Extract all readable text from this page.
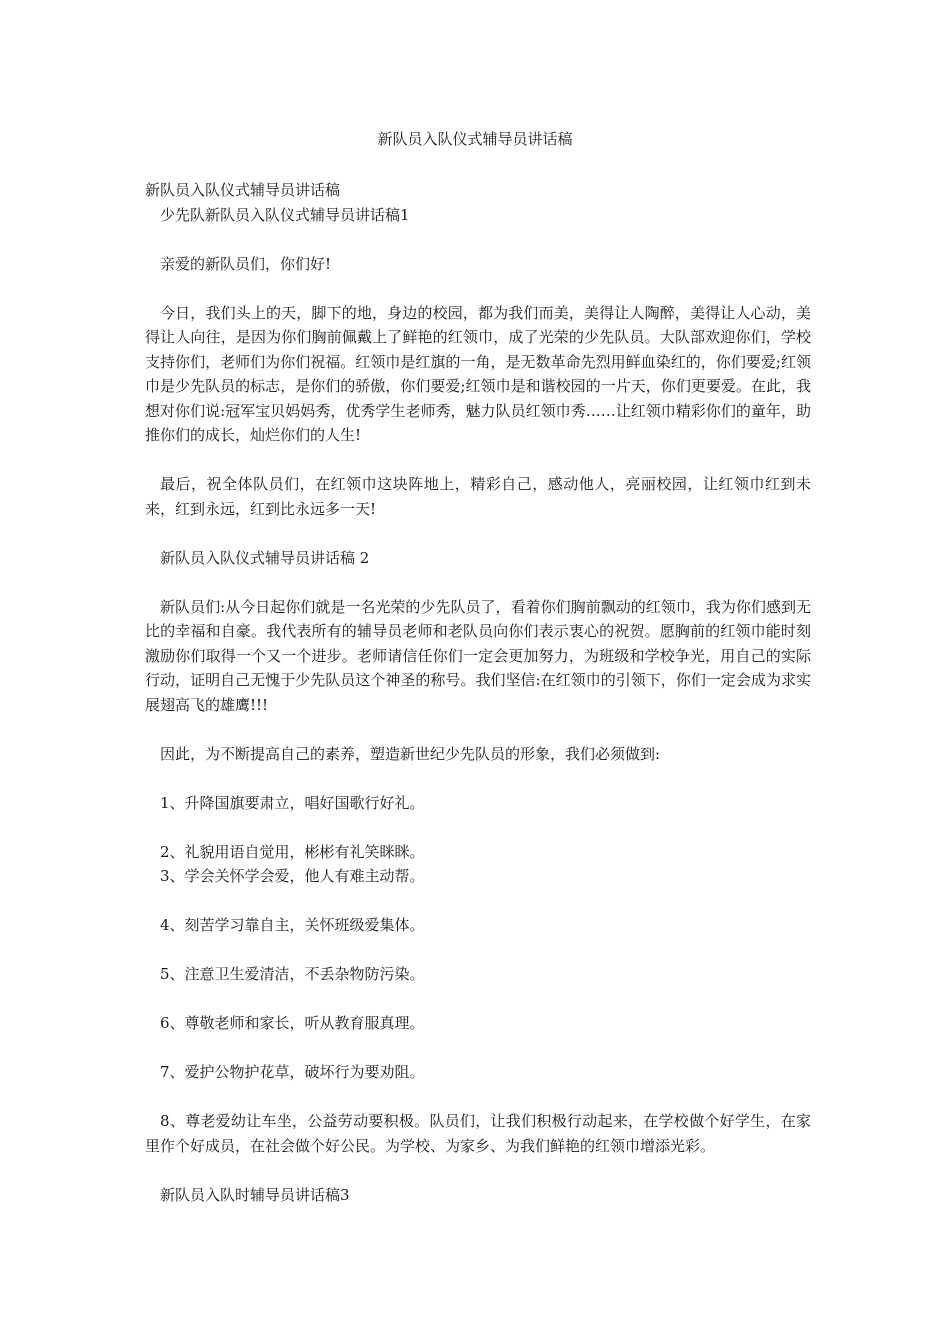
新队员入队仪式辅导员讲话稿

新队员入队仪式辅导员讲话稿

少先队新队员入队仪式辅导员讲话稿1

亲爱的新队员们，你们好!

今日，我们头上的天，脚下的地，身边的校园，都为我们而美，美得让人陶醉，美得让人心动，美得让人向往，是因为你们胸前佩戴上了鲜艳的红领巾，成了光荣的少先队员。大队部欢迎你们，学校支持你们，老师们为你们祝福。红领巾是红旗的一角，是无数革命先烈用鲜血染红的，你们要爱;红领巾是少先队员的标志，是你们的骄傲，你们要爱;红领巾是和谐校园的一片天，你们更要爱。在此，我想对你们说:冠军宝贝妈妈秀，优秀学生老师秀，魅力队员红领巾秀……让红领巾精彩你们的童年，助推你们的成长，灿烂你们的人生!

最后，祝全体队员们，在红领巾这块阵地上，精彩自己，感动他人，亮丽校园，让红领巾红到未来，红到永远，红到比永远多一天!

新队员入队仪式辅导员讲话稿 2

新队员们:从今日起你们就是一名光荣的少先队员了，看着你们胸前飘动的红领巾，我为你们感到无比的幸福和自豪。我代表所有的辅导员老师和老队员向你们表示衷心的祝贺。愿胸前的红领巾能时刻激励你们取得一个又一个进步。老师请信任你们一定会更加努力，为班级和学校争光，用自己的实际行动，证明自己无愧于少先队员这个神圣的称号。我们坚信:在红领巾的引领下，你们一定会成为求实展翅高飞的雄鹰!!!

因此，为不断提高自己的素养，塑造新世纪少先队员的形象，我们必须做到:

1、升降国旗要肃立，唱好国歌行好礼。

2、礼貌用语自觉用，彬彬有礼笑眯眯。

3、学会关怀学会爱，他人有难主动帮。

4、刻苦学习靠自主，关怀班级爱集体。

5、注意卫生爱清洁，不丢杂物防污染。

6、尊敬老师和家长，听从教育服真理。

7、爱护公物护花草，破坏行为要劝阻。

8、尊老爱幼让车坐，公益劳动要积极。队员们，让我们积极行动起来，在学校做个好学生，在家里作个好成员，在社会做个好公民。为学校、为家乡、为我们鲜艳的红领巾增添光彩。

新队员入队时辅导员讲话稿3
